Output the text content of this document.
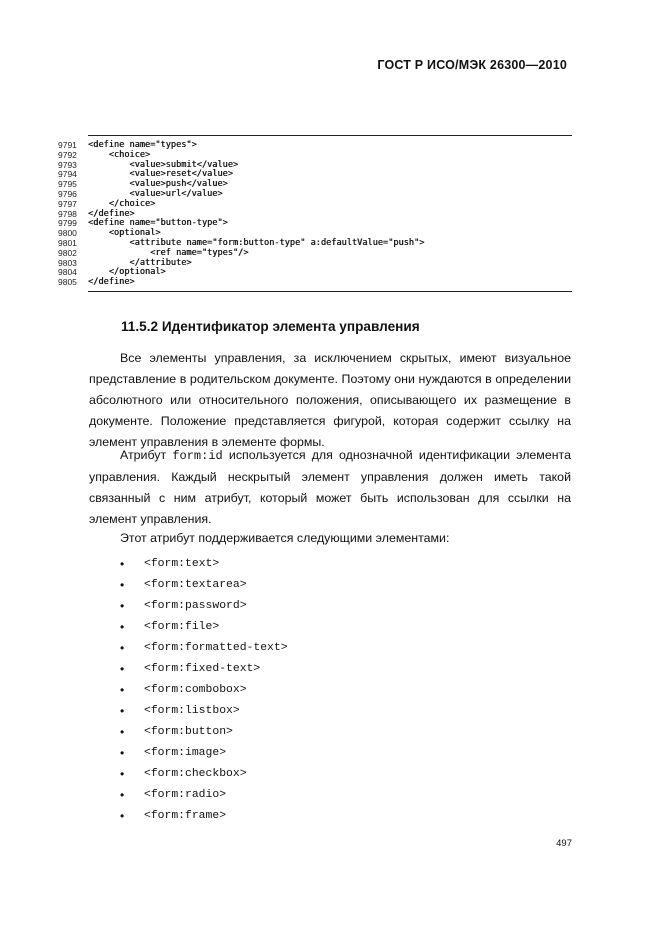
ГОСТ Р ИСО/МЭК 26300—2010
9791	<define name="types">
9792	<choice>
9793	<value>submit</value>
9794	<value>reset</value>
9795	<value>push</value>
9796	<value>url</value>
9797	</choice>
9798	</define>
9799	<define name="button-type">
9800	<optional>
9801	<attribute name="form:button-type" a:defaultValue="push">
9802	<ref name="types"/>
9803	</attribute>
9804	</optional>
9805	</define>
11.5.2 Идентификатор элемента управления
Все элементы управления, за исключением скрытых, имеют визуальное представление в родительском документе. Поэтому они нуждаются в определении абсолютного или относительного положения, описывающего их размещение в документе. Положение представляется фигурой, которая содержит ссылку на элемент управления в элементе формы.
Атрибут form:id используется для однозначной идентификации элемента управления. Каждый нескрытый элемент управления должен иметь такой связанный с ним атрибут, который может быть использован для ссылки на элемент управления.
Этот атрибут поддерживается следующими элементами:
•	<form:text>
•	<form:textarea>
•	<form:password>
•	<form:file>
•	<form:formatted-text>
•	<form:fixed-text>
•	<form:combobox>
•	<form:listbox>
•	<form:button>
•	<form:image>
•	<form:checkbox>
•	<form:radio>
•	<form:frame>
497
